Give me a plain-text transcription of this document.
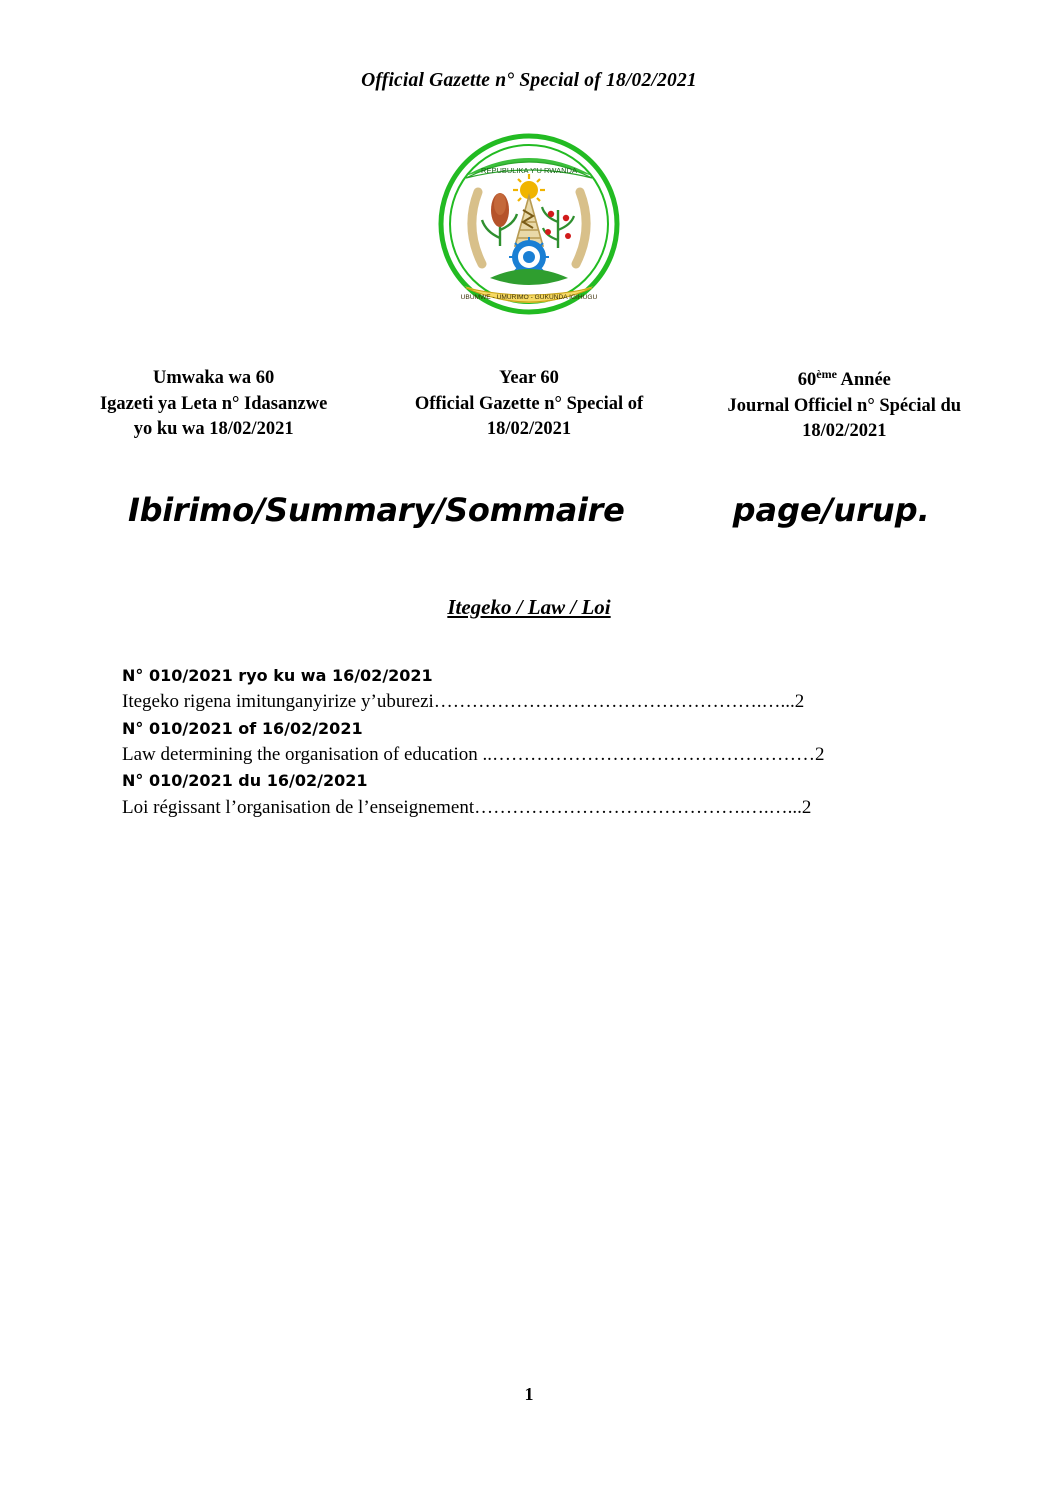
Official Gazette n° Special of 18/02/2021
REPUBULIKA Y'U RWANDA
UBUMWE - UMURIMO - GUKUNDA IGIHUGU
Umwaka wa 60
Igazeti ya Leta n° Idasanzwe
yo ku wa 18/02/2021
Year 60
Official Gazette n° Special of
18/02/2021
60ème Année
Journal Officiel n° Spécial du
18/02/2021
Ibirimo/Summary/Sommaire	page/urup.
Itegeko / Law / Loi
N° 010/2021 ryo ku wa 16/02/2021
Itegeko rigena imitunganyirize y’uburezi…………………………………………….…...2
N° 010/2021 of 16/02/2021
Law determining the organisation of education ..……………………………………………2
N° 010/2021 du 16/02/2021
Loi régissant l’organisation de l’enseignement…………………………………….….…...2
1
